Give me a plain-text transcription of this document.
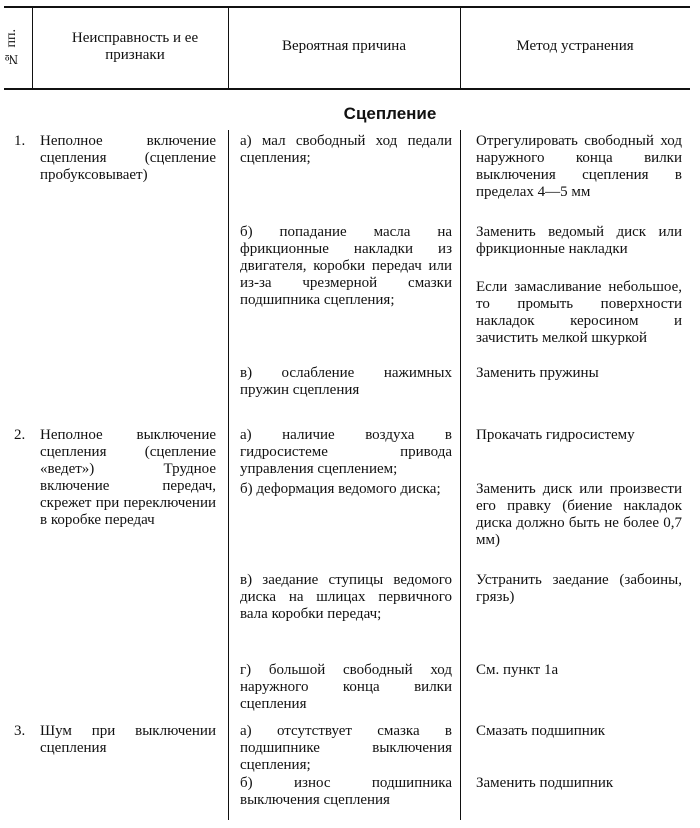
№ пп.	Неисправность и ее признаки
Вероятная причина	Метод устранения
Сцепление
1. Неполное включение сцепления (сцепление пробуксовывает)
а) мал свободный ход педали сцепления;
б) попадание масла на фрикционные накладки из двигателя, коробки передач или из-за чрезмерной смазки подшипника сцепления;
в) ослабление нажимных пружин сцепления
Отрегулировать свободный ход наружного конца вилки выключения сцепления в пределах 4—5 мм
Заменить ведомый диск или фрикционные накладки
Если замасливание небольшое, то промыть поверхности накладок керосином и зачистить мелкой шкуркой
Заменить пружины
2. Неполное выключение сцепления (сцепление «ведет») Трудное включение передач, скрежет при переключении в коробке передач
а) наличие воздуха в гидросистеме привода управления сцеплением;
б) деформация ведомого диска;
в) заедание ступицы ведомого диска на шлицах первичного вала коробки передач;
г) большой свободный ход наружного конца вилки сцепления
Прокачать гидросистему
Заменить диск или произвести его правку (биение накладок диска должно быть не более 0,7 мм)
Устранить заедание (забоины, грязь)
См. пункт 1а
3. Шум при выключении сцепления
а) отсутствует смазка в подшипнике выключения сцепления;
б) износ подшипника выключения сцепления
Смазать подшипник
Заменить подшипник
